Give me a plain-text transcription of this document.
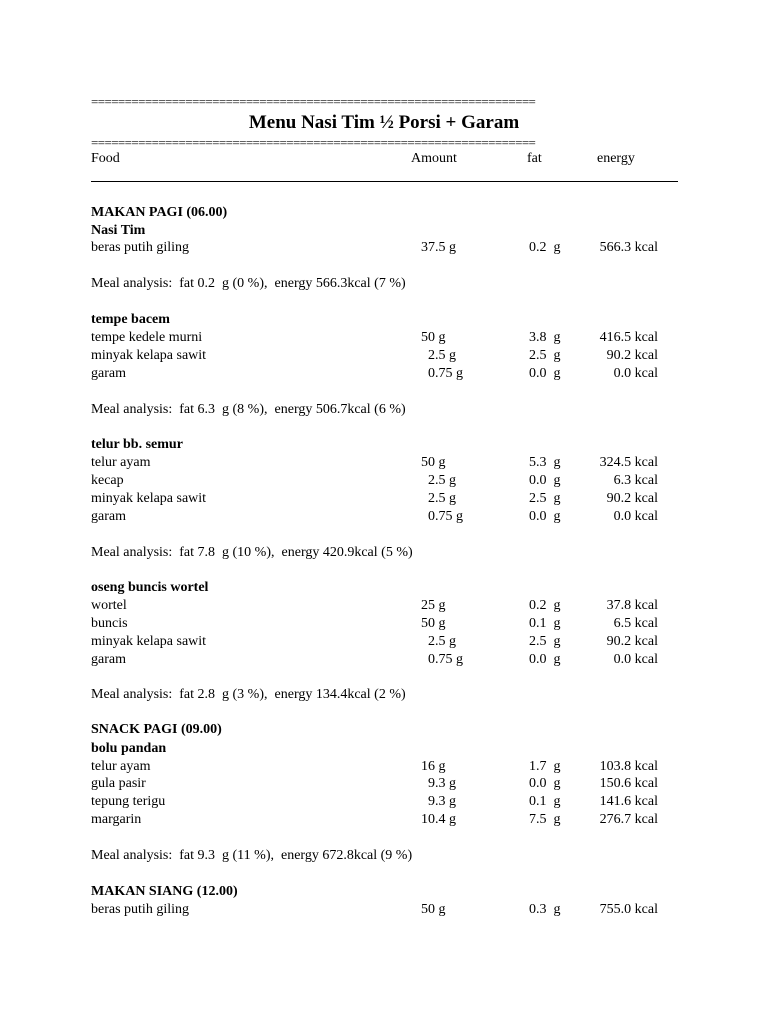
==================================================================
Menu Nasi Tim ½ Porsi + Garam
==================================================================
Food	Amount	fat	energy
MAKAN PAGI (06.00)
Nasi Tim
beras putih giling	37.5 g	0.2  g	566.3 kcal
Meal analysis:  fat 0.2  g (0 %),  energy 566.3kcal (7 %)
tempe bacem
tempe kedele murni	50 g	3.8  g	416.5 kcal
minyak kelapa sawit	2.5 g	2.5  g	90.2 kcal
garam	0.75 g	0.0  g	0.0 kcal
Meal analysis:  fat 6.3  g (8 %),  energy 506.7kcal (6 %)
telur bb. semur
telur ayam	50 g	5.3  g	324.5 kcal
kecap	2.5 g	0.0  g	6.3 kcal
minyak kelapa sawit	2.5 g	2.5  g	90.2 kcal
garam	0.75 g	0.0  g	0.0 kcal
Meal analysis:  fat 7.8  g (10 %),  energy 420.9kcal (5 %)
oseng buncis wortel
wortel	25 g	0.2  g	37.8 kcal
buncis	50 g	0.1  g	6.5 kcal
minyak kelapa sawit	2.5 g	2.5  g	90.2 kcal
garam	0.75 g	0.0  g	0.0 kcal
Meal analysis:  fat 2.8  g (3 %),  energy 134.4kcal (2 %)
SNACK PAGI (09.00)
bolu pandan
telur ayam	16 g	1.7  g	103.8 kcal
gula pasir	9.3 g	0.0  g	150.6 kcal
tepung terigu	9.3 g	0.1  g	141.6 kcal
margarin	10.4 g	7.5  g	276.7 kcal
Meal analysis:  fat 9.3  g (11 %),  energy 672.8kcal (9 %)
MAKAN SIANG (12.00)
beras putih giling	50 g	0.3  g	755.0 kcal
